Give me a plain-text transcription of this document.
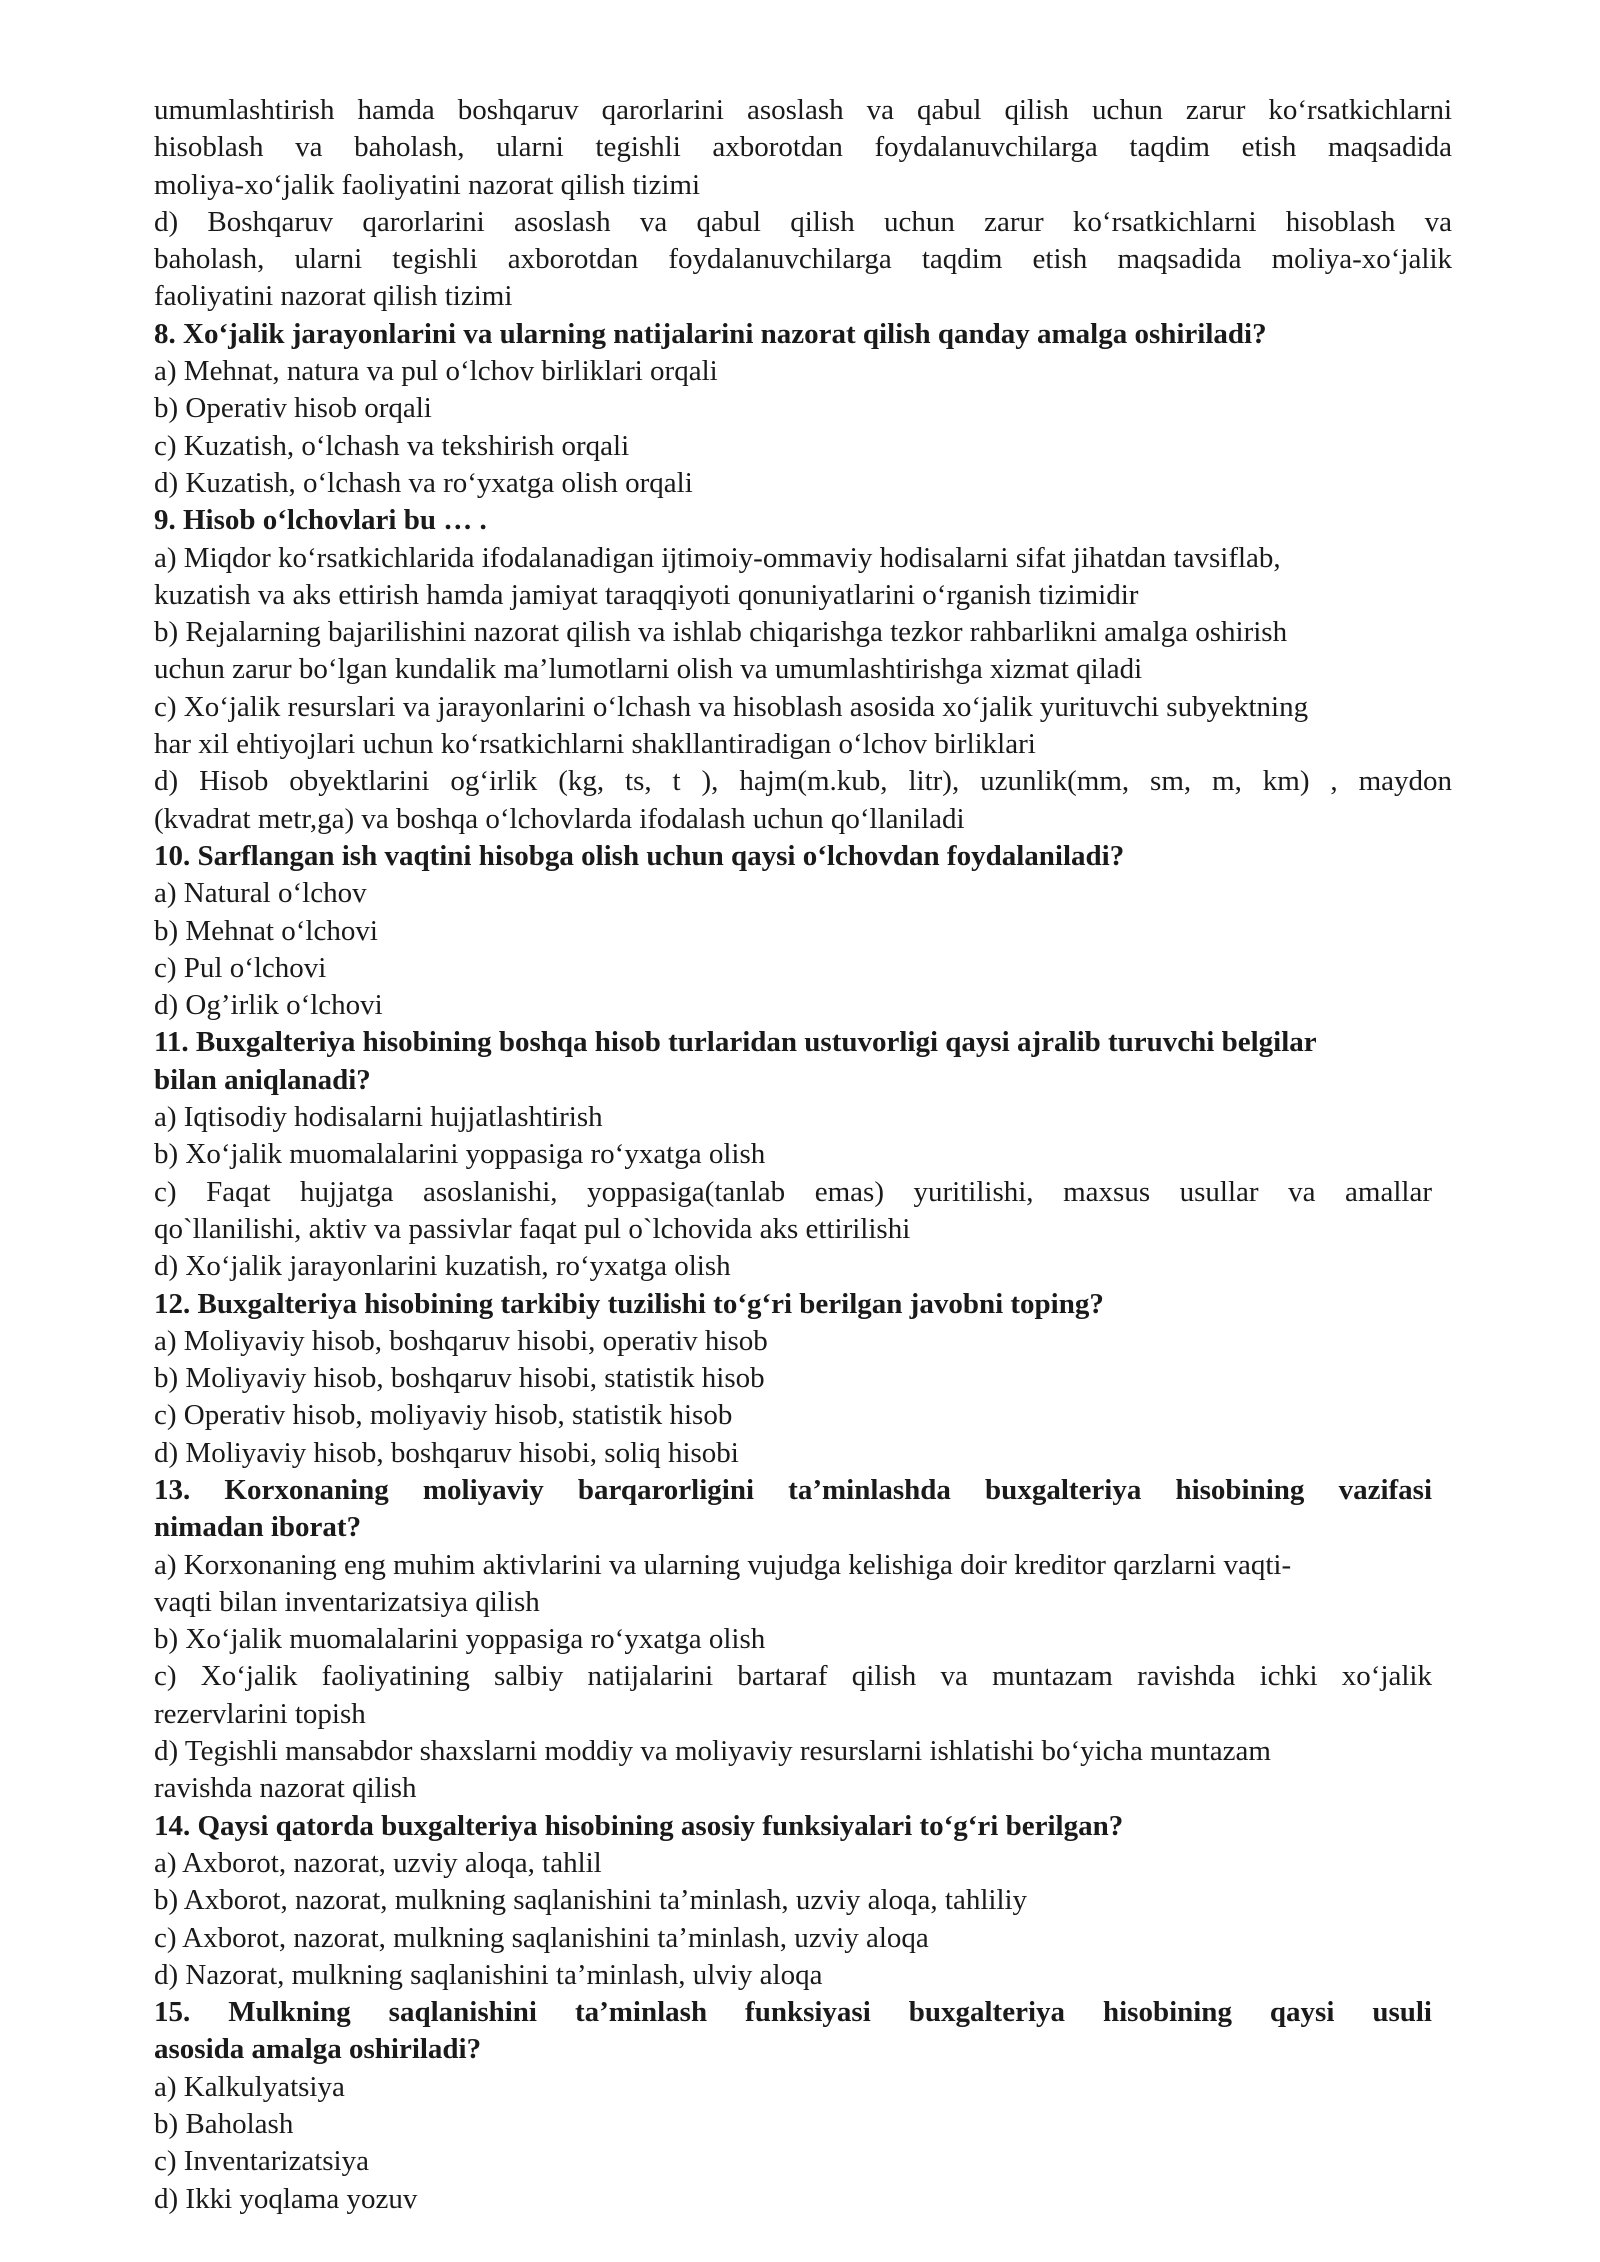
umumlashtirish hamda boshqaruv qarorlarini asoslash va qabul qilish uchun zarur ko‘rsatkichlarni
hisoblash va baholash, ularni tegishli axborotdan foydalanuvchilarga taqdim etish maqsadida
moliya-xo‘jalik faoliyatini nazorat qilish tizimi
d) Boshqaruv qarorlarini asoslash va qabul qilish uchun zarur ko‘rsatkichlarni hisoblash va
baholash, ularni tegishli axborotdan foydalanuvchilarga taqdim etish maqsadida moliya-xo‘jalik
faoliyatini nazorat qilish tizimi
8. Xo‘jalik jarayonlarini va ularning natijalarini nazorat qilish qanday amalga oshiriladi?
a) Mehnat, natura va pul o‘lchov birliklari orqali
b) Operativ hisob orqali
c) Kuzatish, o‘lchash va tekshirish orqali
d) Kuzatish, o‘lchash va ro‘yxatga olish orqali
9. Hisob o‘lchovlari bu … .
a) Miqdor ko‘rsatkichlarida ifodalanadigan ijtimoiy-ommaviy hodisalarni sifat jihatdan tavsiflab,
kuzatish va aks ettirish hamda jamiyat taraqqiyoti qonuniyatlarini o‘rganish tizimidir
b) Rejalarning bajarilishini nazorat qilish va ishlab chiqarishga tezkor rahbarlikni amalga oshirish
uchun zarur bo‘lgan kundalik ma’lumotlarni olish va umumlashtirishga xizmat qiladi
c) Xo‘jalik resurslari va jarayonlarini o‘lchash va hisoblash asosida xo‘jalik yurituvchi subyektning
har xil ehtiyojlari uchun ko‘rsatkichlarni shakllantiradigan o‘lchov birliklari
d) Hisob obyektlarini og‘irlik (kg, ts, t ), hajm(m.kub, litr), uzunlik(mm, sm, m, km) , maydon
(kvadrat metr,ga) va boshqa o‘lchovlarda ifodalash uchun qo‘llaniladi
10. Sarflangan ish vaqtini hisobga olish uchun qaysi o‘lchovdan foydalaniladi?
a) Natural o‘lchov
b) Mehnat o‘lchovi
c) Pul o‘lchovi
d) Og’irlik o‘lchovi
11. Buxgalteriya hisobining boshqa hisob turlaridan ustuvorligi qaysi ajralib turuvchi belgilar
bilan aniqlanadi?
a) Iqtisodiy hodisalarni hujjatlashtirish
b) Xo‘jalik muomalalarini yoppasiga ro‘yxatga olish
c) Faqat hujjatga asoslanishi, yoppasiga(tanlab emas) yuritilishi, maxsus usullar va amallar
qo`llanilishi, aktiv va passivlar faqat pul o`lchovida aks ettirilishi
d) Xo‘jalik jarayonlarini kuzatish, ro‘yxatga olish
12. Buxgalteriya hisobining tarkibiy tuzilishi to‘g‘ri berilgan javobni toping?
a) Moliyaviy hisob, boshqaruv hisobi, operativ hisob
b) Moliyaviy hisob, boshqaruv hisobi, statistik hisob
c) Operativ hisob, moliyaviy hisob, statistik hisob
d) Moliyaviy hisob, boshqaruv hisobi, soliq hisobi
13. Korxonaning moliyaviy barqarorligini ta’minlashda buxgalteriya hisobining vazifasi
nimadan iborat?
a) Korxonaning eng muhim aktivlarini va ularning vujudga kelishiga doir kreditor qarzlarni vaqti-
vaqti bilan inventarizatsiya qilish
b) Xo‘jalik muomalalarini yoppasiga ro‘yxatga olish
c) Xo‘jalik faoliyatining salbiy natijalarini bartaraf qilish va muntazam ravishda ichki xo‘jalik
rezervlarini topish
d) Tegishli mansabdor shaxslarni moddiy va moliyaviy resurslarni ishlatishi bo‘yicha muntazam
ravishda nazorat qilish
14. Qaysi qatorda buxgalteriya hisobining asosiy funksiyalari to‘g‘ri berilgan?
a) Axborot, nazorat, uzviy aloqa, tahlil
b) Axborot, nazorat, mulkning saqlanishini ta’minlash, uzviy aloqa, tahliliy
c) Axborot, nazorat, mulkning saqlanishini ta’minlash, uzviy aloqa
d) Nazorat, mulkning saqlanishini ta’minlash, ulviy aloqa
15. Mulkning saqlanishini ta’minlash funksiyasi buxgalteriya hisobining qaysi usuli
asosida amalga oshiriladi?
a) Kalkulyatsiya
b) Baholash
c) Inventarizatsiya
d) Ikki yoqlama yozuv
